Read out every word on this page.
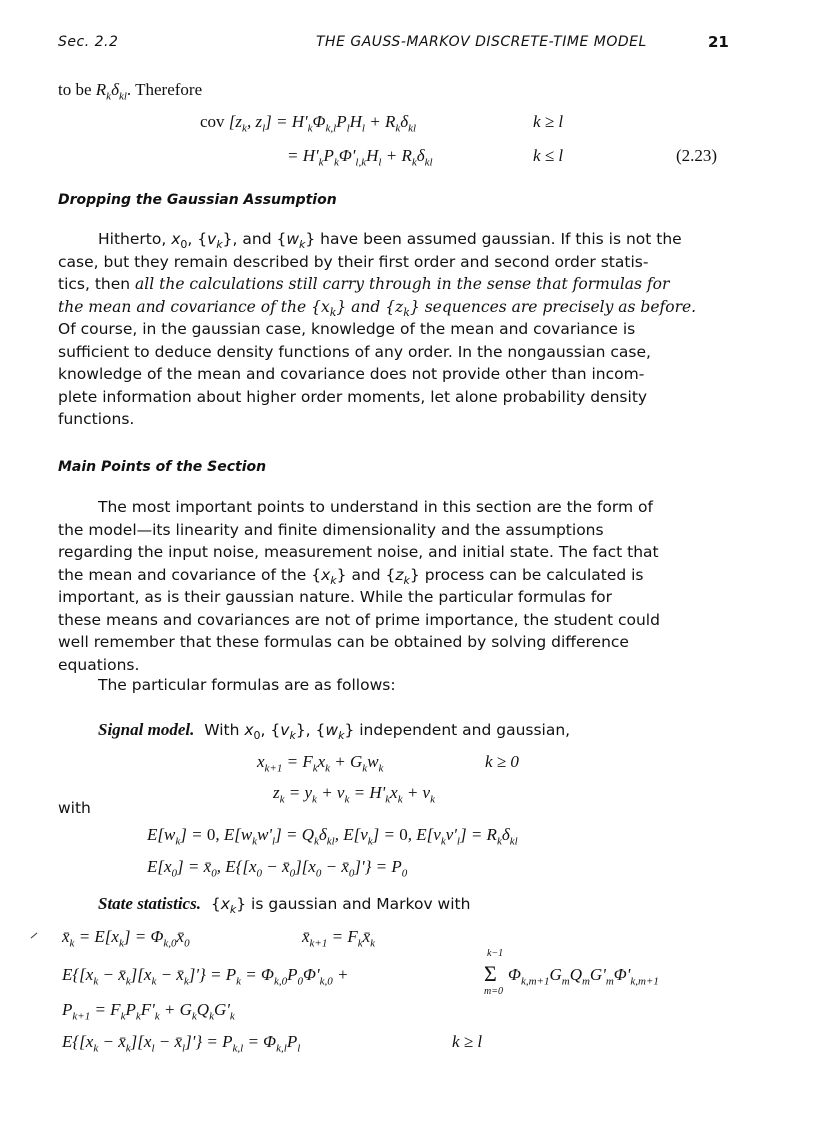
Sec. 2.2	THE GAUSS-MARKOV DISCRETE-TIME MODEL	21
to be $R_k\delta_{kl}$. Therefore
cov [$z_k$, $z_l] = H'_k\Phi_{k,l}P_lH_l + R_k\delta_{kl}$	k ≥ l
= $H'_kP_k\Phi'_{l,k}H_l + R_k\delta_{kl}$	k ≤ l	(2.23)
Dropping the Gaussian Assumption
Hitherto, $x_0$, $\{v_k\}$, and $\{w_k\}$ have been assumed gaussian. If this is not the
case, but they remain described by their first order and second order statis-
tics, then all the calculations still carry through in the sense that formulas for
the mean and covariance of the $\{x_k\}$ and $\{z_k\}$ sequences are precisely as before.
Of course, in the gaussian case, knowledge of the mean and covariance is
sufficient to deduce density functions of any order. In the nongaussian case,
knowledge of the mean and covariance does not provide other than incom-
plete information about higher order moments, let alone probability density
functions.
Main Points of the Section
The most important points to understand in this section are the form of
the model—its linearity and finite dimensionality and the assumptions
regarding the input noise, measurement noise, and initial state. The fact that
the mean and covariance of the $\{x_k\}$ and $\{z_k\}$ process can be calculated is
important, as is their gaussian nature. While the particular formulas for
these means and covariances are not of prime importance, the student could
well remember that these formulas can be obtained by solving difference
equations.
The particular formulas are as follows:
Signal model.  With $x_0$, $\{v_k\}$, $\{w_k\}$ independent and gaussian,
$x_{k+1} = F_kx_k + G_kw_k$	k ≥ 0
$z_k = y_k + v_k = H'_kx_k + v_k$
with
$E[w_k] = 0$, $E[w_kw'_l] = Q_k\delta_{kl}$, $E[v_k] = 0$, $E[v_kv'_l] = R_k\delta_{kl}$
$E[x_0]$ = $x̄_0$, $E\{[x_0$ − $x̄_0][x_0$ − $x̄_0]'\} = P_0$
State statistics.  $\{x_k\}$ is gaussian and Markov with
$x̄_k = E[x_k]$ = $\Phi_{k,0}x̄_0$	$x̄_{k+1}$ = $F_kx̄_k$
$E\{[x_k$ − $x̄_k][x_k$ − $x̄_k]'\} = P_k = \Phi_{k,0}P_0\Phi'_{k,0}$ +
k−1
Σ
m=0
$\Phi_{k,m+1}G_mQ_mG'_m\Phi'_{k,m+1}$
$P_{k+1} = F_kP_kF'_k + G_kQ_kG'_k$
$E\{[x_k$ − $x̄_k][x_l$ − $x̄_l]'\} = P_{k,l} = \Phi_{k,l}P_l$	k ≥ l
